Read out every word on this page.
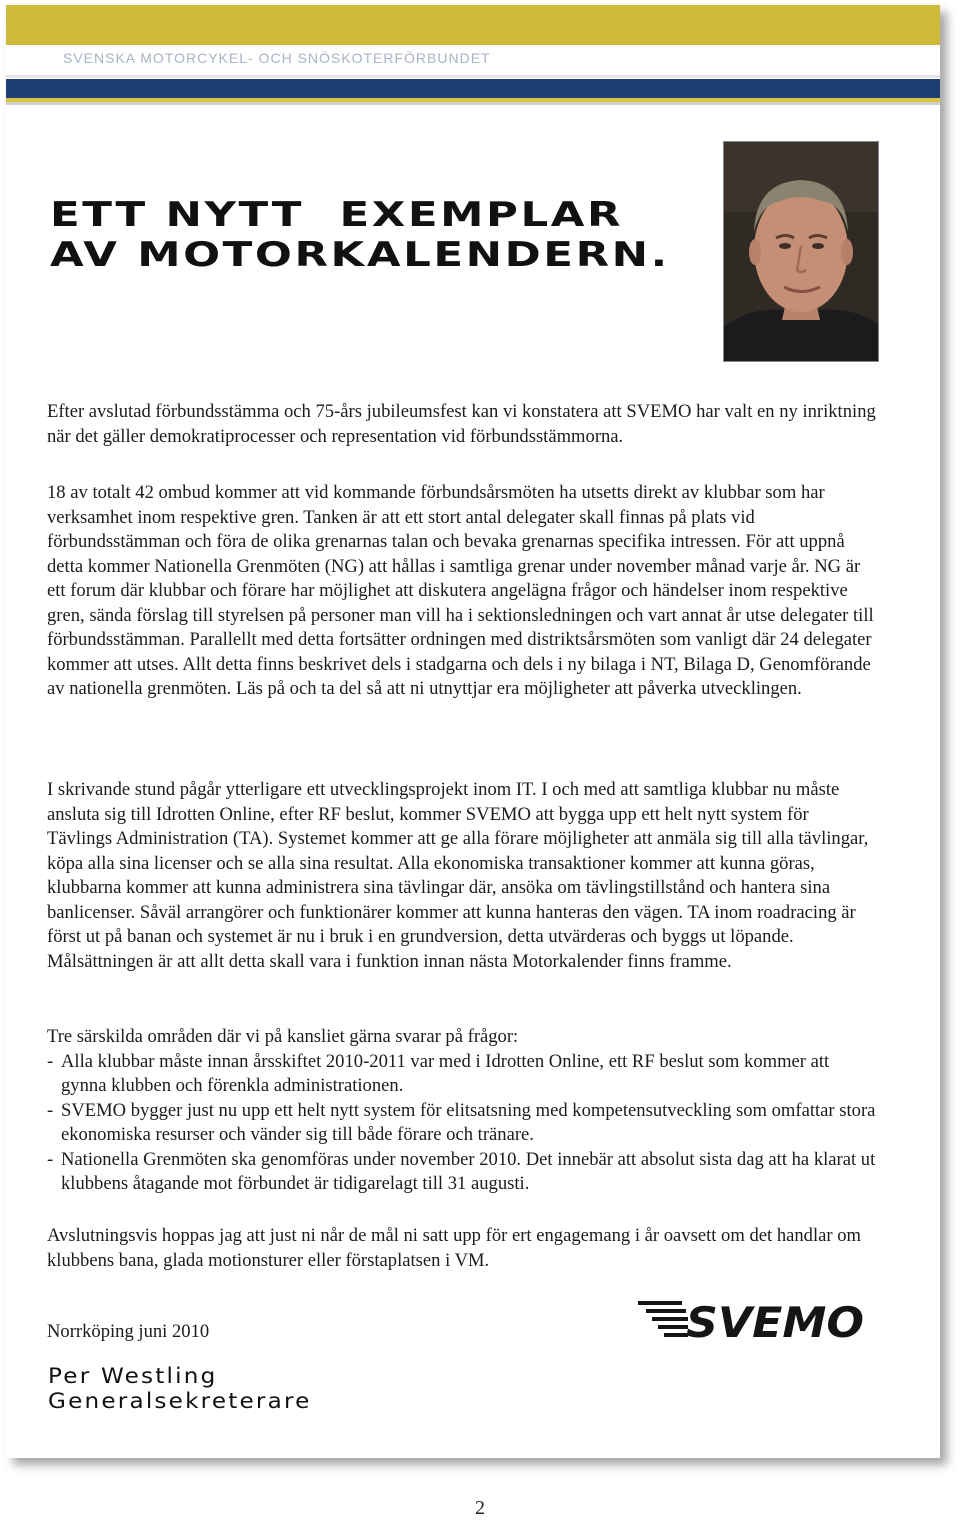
SVENSKA MOTORCYKEL- OCH SNÖSKOTERFÖRBUNDET
ETT NYTT  EXEMPLAR
AV MOTORKALENDERN.

Efter avslutad förbundsstämma och 75-års jubileumsfest kan vi konstatera att SVEMO har valt en ny inriktning när det gäller demokratiprocesser och representation vid förbundsstämmorna.

18 av totalt 42 ombud kommer att vid kommande förbundsårsmöten ha utsetts direkt av klubbar som har verksamhet inom respektive gren. Tanken är att ett stort antal delegater skall finnas på plats vid förbundsstämman och föra de olika grenarnas talan och bevaka grenarnas specifika intressen. För att uppnå detta kommer Nationella Grenmöten (NG) att hållas i samtliga grenar under november månad varje år. NG är ett forum där klubbar och förare har möjlighet att diskutera angelägna frågor och händelser inom respektive gren, sända förslag till styrelsen på personer man vill ha i sektionsledningen och vart annat år utse delegater till förbundsstämman. Parallellt med detta fortsätter ordningen med distriktsårsmöten som vanligt där 24 delegater kommer att utses. Allt detta finns beskrivet dels i stadgarna och dels i ny bilaga i NT, Bilaga D, Genomförande av nationella grenmöten. Läs på och ta del så att ni utnyttjar era möjligheter att påverka utvecklingen.

I skrivande stund pågår ytterligare ett utvecklingsprojekt inom IT. I och med att samtliga klubbar nu måste ansluta sig till Idrotten Online, efter RF beslut, kommer SVEMO att bygga upp ett helt nytt system för Tävlings Administration (TA). Systemet kommer att ge alla förare möjligheter att anmäla sig till alla tävlingar, köpa alla sina licenser och se alla sina resultat. Alla ekonomiska transaktioner kommer att kunna göras, klubbarna kommer att kunna administrera sina tävlingar där, ansöka om tävlingstillstånd och hantera sina banlicenser. Såväl arrangörer och funktionärer kommer att kunna hanteras den vägen. TA inom roadracing är först ut på banan och systemet är nu i bruk i en grundversion, detta utvärderas och byggs ut löpande. Målsättningen är att allt detta skall vara i funktion innan nästa Motorkalender finns framme.

Tre särskilda områden där vi på kansliet gärna svarar på frågor:

- Alla klubbar måste innan årsskiftet 2010-2011 var med i Idrotten Online, ett RF beslut som kommer att gynna klubben och förenkla administrationen.
- SVEMO bygger just nu upp ett helt nytt system för elitsatsning med kompetensutveckling som omfattar stora ekonomiska resurser och vänder sig till både förare och tränare.
- Nationella Grenmöten ska genomföras under november 2010. Det innebär att absolut sista dag att ha klarat ut klubbens åtagande mot förbundet är tidigarelagt till 31 augusti.

Avslutningsvis hoppas jag att just ni når de mål ni satt upp för ert engagemang i år oavsett om det handlar om klubbens bana, glada motionsturer eller förstaplatsen i VM.

Norrköping juni 2010
Per Westling
Generalsekreterare
SVEMO
2
